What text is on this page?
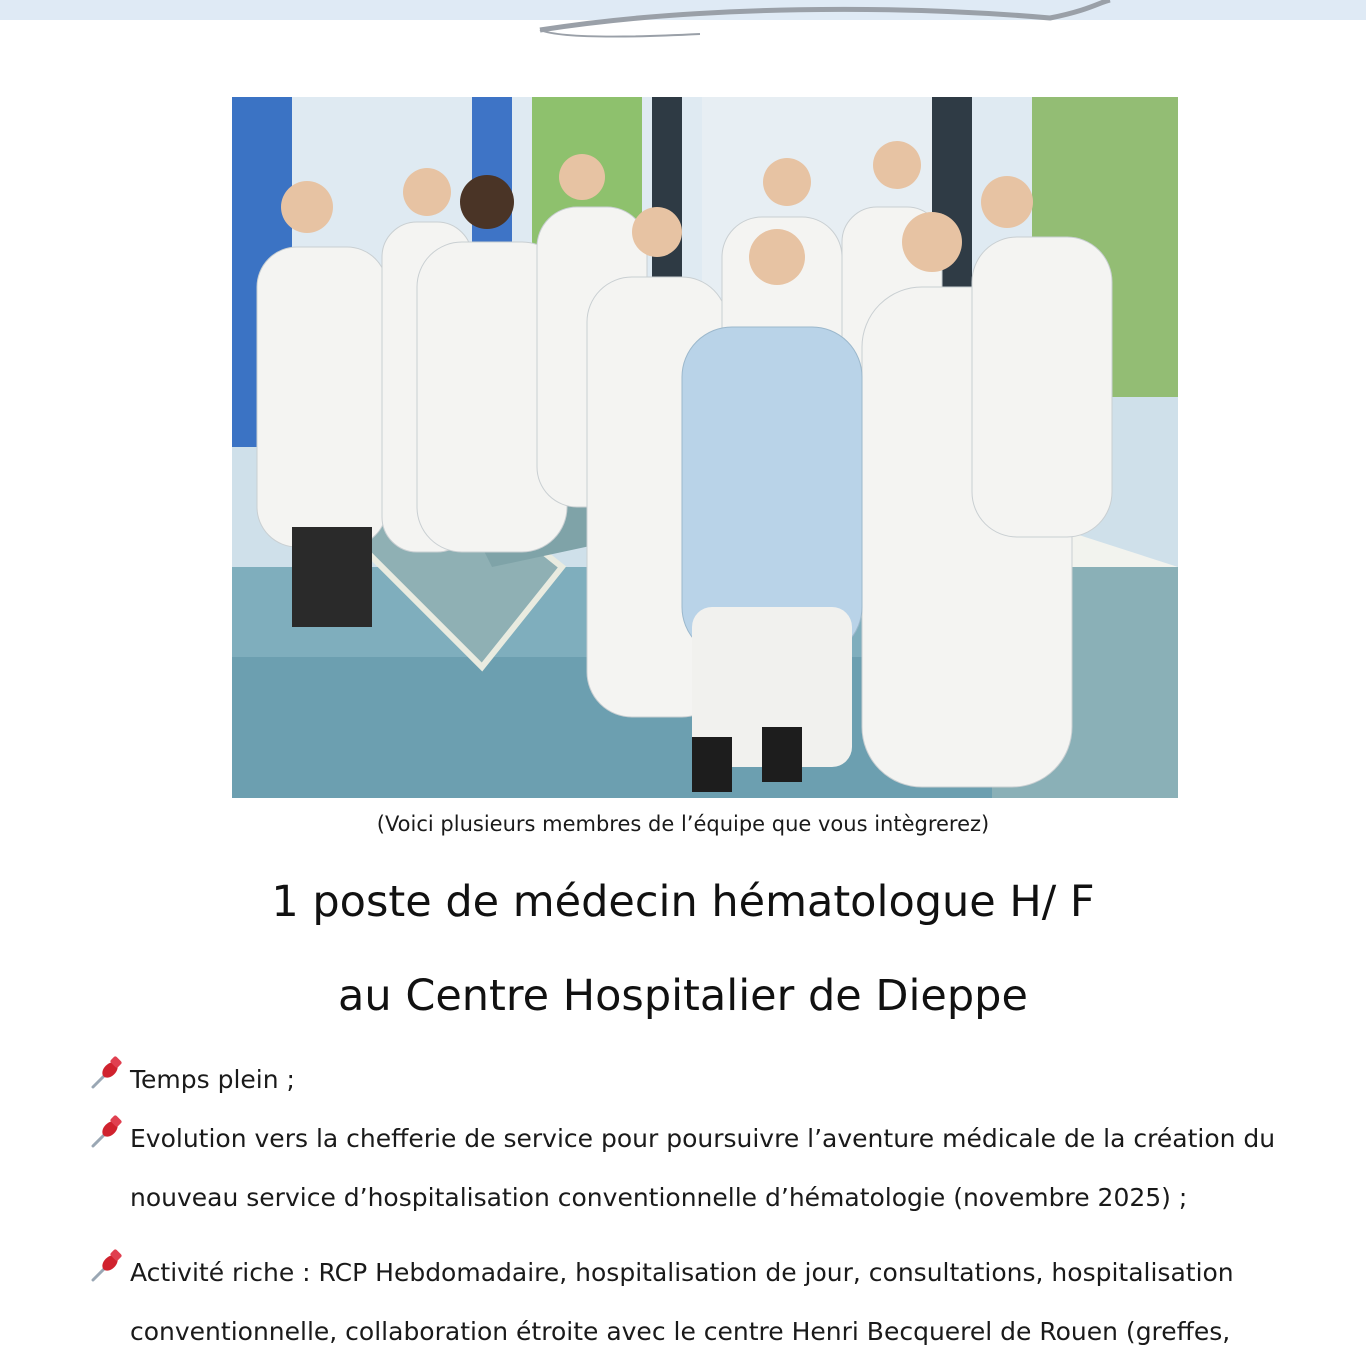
(Voici plusieurs membres de l’équipe que vous intègrerez)
1 poste de médecin hématologue H/ F
au Centre Hospitalier de Dieppe
Temps plein ;
Evolution vers la chefferie de service pour poursuivre l’aventure médicale de la création du
nouveau service d’hospitalisation conventionnelle d’hématologie (novembre 2025) ;
Activité riche : RCP Hebdomadaire, hospitalisation de jour, consultations, hospitalisation
conventionnelle, collaboration étroite avec le centre Henri Becquerel de Rouen (greffes,
